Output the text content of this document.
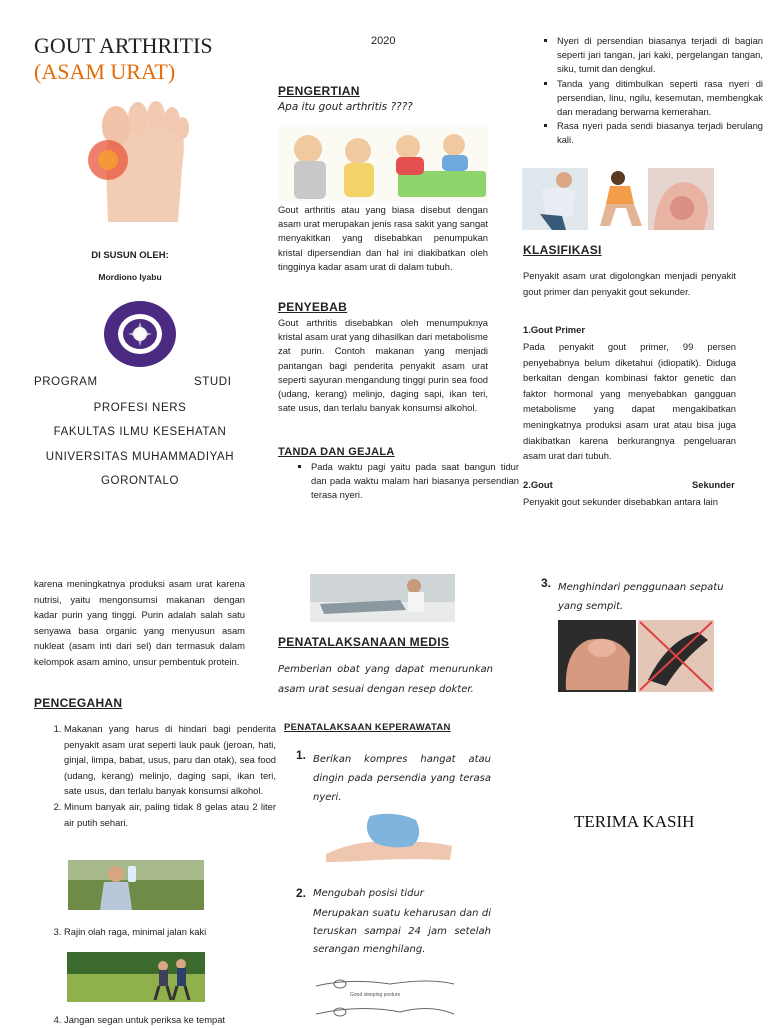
GOUT ARTHRITIS
(ASAM URAT)
DI SUSUN OLEH:
Mordiono Iyabu
PROGRAM	STUDI
PROFESI NERS
FAKULTAS ILMU KESEHATAN
UNIVERSITAS MUHAMMADIYAH
GORONTALO
2020
PENGERTIAN
Apa itu gout arthritis ????
Gout arthritis atau yang biasa disebut dengan asam urat merupakan jenis rasa sakit yang sangat menyakitkan yang disebabkan penumpukan kristal dipersendian dan hal ini diakibatkan oleh tingginya kadar asam urat di dalam tubuh.
PENYEBAB
Gout arthritis disebabkan oleh menumpuknya kristal asam urat yang dihasilkan dari metabolisme zat purin. Contoh makanan yang menjadi pantangan bagi penderita penyakit asam urat seperti sayuran mengandung tinggi purin sea food (udang, kerang) melinjo, daging sapi, ikan teri, sate usus, dan terlalu banyak konsumsi alkohol.
TANDA DAN GEJALA
▪ Pada waktu pagi yaitu pada saat bangun tidur dan pada waktu malam hari biasanya persendian terasa nyeri.
▪ Nyeri di persendian biasanya terjadi di bagian seperti jari tangan, jari kaki, pergelangan tangan, siku, tumit dan dengkul.
▪ Tanda yang ditimbulkan seperti rasa nyeri di persendian, linu, ngilu, kesemutan, membengkak dan meradang berwarna kemerahan.
▪ Rasa nyeri pada sendi biasanya terjadi berulang kali.
KLASIFIKASI
Penyakit asam urat digolongkan menjadi penyakit gout primer dan penyakit gout sekunder.
1.Gout Primer
Pada penyakit gout primer, 99 persen penyebabnya belum diketahui (idiopatik). Diduga berkaitan dengan kombinasi faktor genetic dan faktor hormonal yang menyebabkan gangguan metabolisme yang dapat mengakibatkan meningkatnya produksi asam urat atau bisa juga diakibatkan karena berkurangnya pengeluaran asam urat dari tubuh.
2.Gout	Sekunder
Penyakit gout sekunder disebabkan antara lain
karena meningkatnya produksi asam urat karena nutrisi, yaitu mengonsumsi makanan dengan kadar purin yang tinggi. Purin adalah salah satu senyawa basa organic yang menyusun asam nukleat (asam inti dari sel) dan termasuk dalam kelompok asam amino, unsur pembentuk protein.
PENCEGAHAN
1. Makanan yang harus di hindari bagi penderita penyakit asam urat seperti lauk pauk (jeroan, hati, ginjal, limpa, babat, usus, paru dan otak), sea food (udang, kerang) melinjo, daging sapi, ikan teri, sate usus, dan terlalu banyak konsumsi alkohol.
2. Minum banyak air, paling tidak 8 gelas atau 2 liter air putih sehari.
3. Rajin olah raga, minimal jalan kaki
4. Jangan segan untuk periksa ke tempat
PENATALAKSANAAN MEDIS
Pemberian obat yang dapat menurunkan asam urat sesuai dengan resep dokter.
PENATALAKSAAN KEPERAWATAN
1. Berikan kompres hangat atau dingin pada persendia yang terasa nyeri.
2. Mengubah posisi tidur
Merupakan suatu keharusan dan di teruskan sampai 24 jam setelah serangan menghilang.
Good sleeping posture
3. Menghindari penggunaan sepatu yang sempit.
TERIMA KASIH
